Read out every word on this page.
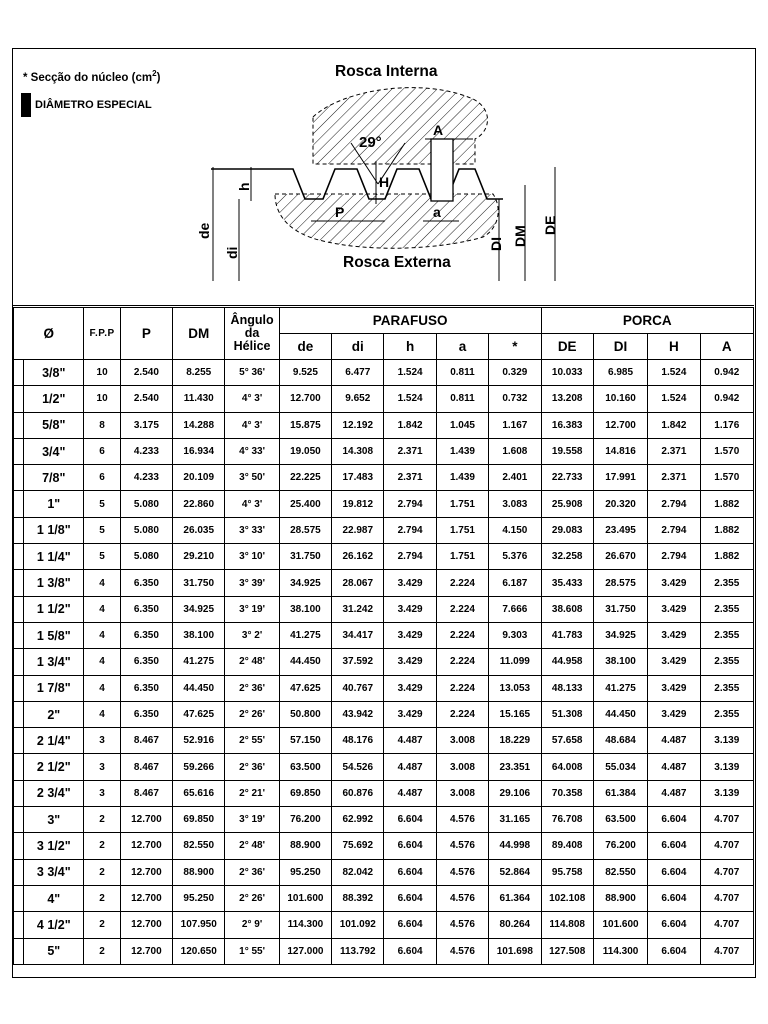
* Secção do núcleo $(cm^2)$
DIÂMETRO ESPECIAL
29°
A
H
h
P	a
de
di
DI DM DE
Rosca Interna
Rosca Externa
Ø		F.P.P	P	DM	Ângulo
da
Hélice	PARAFUSO					PORCA			
						de	di	h	a	*	DE	DI	H	A
	3/8"	10	2.540	8.255	5° 36'	9.525	6.477	1.524	0.811	0.329	10.033	6.985	1.524	0.942
	1/2"	10	2.540	11.430	4° 3'	12.700	9.652	1.524	0.811	0.732	13.208	10.160	1.524	0.942
	5/8"	8	3.175	14.288	4° 3'	15.875	12.192	1.842	1.045	1.167	16.383	12.700	1.842	1.176
	3/4"	6	4.233	16.934	4° 33'	19.050	14.308	2.371	1.439	1.608	19.558	14.816	2.371	1.570
	7/8"	6	4.233	20.109	3° 50'	22.225	17.483	2.371	1.439	2.401	22.733	17.991	2.371	1.570
	1"	5	5.080	22.860	4° 3'	25.400	19.812	2.794	1.751	3.083	25.908	20.320	2.794	1.882
	1 1/8"	5	5.080	26.035	3° 33'	28.575	22.987	2.794	1.751	4.150	29.083	23.495	2.794	1.882
	1 1/4"	5	5.080	29.210	3° 10'	31.750	26.162	2.794	1.751	5.376	32.258	26.670	2.794	1.882
	1 3/8"	4	6.350	31.750	3° 39'	34.925	28.067	3.429	2.224	6.187	35.433	28.575	3.429	2.355
	1 1/2"	4	6.350	34.925	3° 19'	38.100	31.242	3.429	2.224	7.666	38.608	31.750	3.429	2.355
	1 5/8"	4	6.350	38.100	3° 2'	41.275	34.417	3.429	2.224	9.303	41.783	34.925	3.429	2.355
	1 3/4"	4	6.350	41.275	2° 48'	44.450	37.592	3.429	2.224	11.099	44.958	38.100	3.429	2.355
	1 7/8"	4	6.350	44.450	2° 36'	47.625	40.767	3.429	2.224	13.053	48.133	41.275	3.429	2.355
	2"	4	6.350	47.625	2° 26'	50.800	43.942	3.429	2.224	15.165	51.308	44.450	3.429	2.355
	2 1/4"	3	8.467	52.916	2° 55'	57.150	48.176	4.487	3.008	18.229	57.658	48.684	4.487	3.139
	2 1/2"	3	8.467	59.266	2° 36'	63.500	54.526	4.487	3.008	23.351	64.008	55.034	4.487	3.139
	2 3/4"	3	8.467	65.616	2° 21'	69.850	60.876	4.487	3.008	29.106	70.358	61.384	4.487	3.139
	3"	2	12.700	69.850	3° 19'	76.200	62.992	6.604	4.576	31.165	76.708	63.500	6.604	4.707
	3 1/2"	2	12.700	82.550	2° 48'	88.900	75.692	6.604	4.576	44.998	89.408	76.200	6.604	4.707
	3 3/4"	2	12.700	88.900	2° 36'	95.250	82.042	6.604	4.576	52.864	95.758	82.550	6.604	4.707
	4"	2	12.700	95.250	2° 26'	101.600	88.392	6.604	4.576	61.364	102.108	88.900	6.604	4.707
	4 1/2"	2	12.700	107.950	2° 9'	114.300	101.092	6.604	4.576	80.264	114.808	101.600	6.604	4.707
	5"	2	12.700	120.650	1° 55'	127.000	113.792	6.604	4.576	101.698	127.508	114.300	6.604	4.707
